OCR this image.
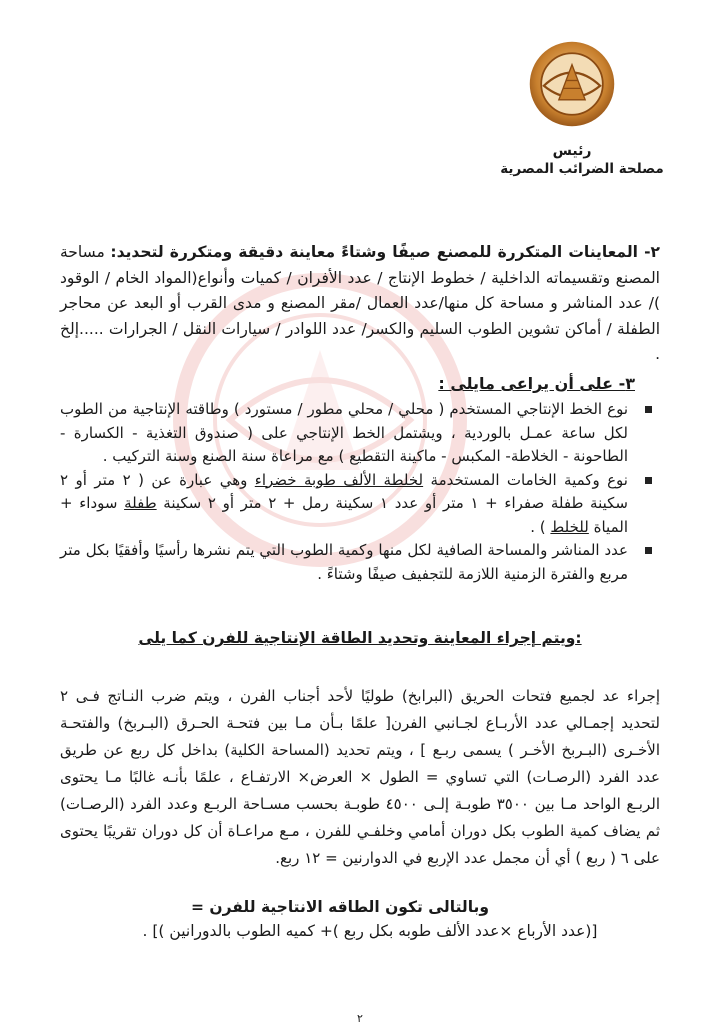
رئيس
مصلحة الضرائب المصرية
٢- المعاينات المتكررة للمصنع صيفًا وشتاءً معاينة دقيقة ومتكررة لتحديد: مساحة المصنع وتقسيماته الداخلية / خطوط الإنتاج / عدد الأفران / كميات وأنواع(المواد الخام / الوقود )/ عدد المناشر و مساحة كل منها/عدد العمال /مقر المصنع و مدى القرب أو البعد عن محاجر الطفلة / أماكن تشوين الطوب السليم والكسر/ عدد اللوادر / سيارات النقل / الجرارات .....إلخ .
٣- على أن يراعى مايلى :
نوع الخط الإنتاجي المستخدم ( محلي / محلي مطور / مستورد ) وطاقته الإنتاجية من الطوب لكل ساعة عمـل بالوردية ، ويشتمل الخط الإنتاجي على ( صندوق التغذية - الكسارة - الطاحونة - الخلاطة- المكبس - ماكينة التقطيع ) مع مراعاة سنة الصنع وسنة التركيب .
نوع وكمية الخامات المستخدمة لخلطة الألف طوبة خضراء وهي عبارة عن ( ٢ متر أو ٢ سكينة طفلة صفراء + ١ متر أو عدد ١ سكينة رمل + ٢ متر أو ٢ سكينة طفلة سوداء + المياة للخلط ) .
عدد المناشر والمساحة الصافية لكل منها وكمية الطوب التي يتم نشرها رأسيًا وأفقيًا بكل متر مربع والفترة الزمنية اللازمة للتجفيف صيفًا وشتاءً .
ويتم إجراء المعاينة وتحديد الطاقة الإنتاجية للفرن كما يلى:
إجراء عد لجميع فتحات الحريق (البرابخ) طوليًا لأحد أجناب الفرن ، ويتم ضرب النـاتج فـى ٢ لتحديد إجمـالي عدد الأربـاع لجـانبي الفرن[ علمًا بـأن مـا بين فتحـة الحـرق (البـربخ) والفتحـة الأخـرى (البـربخ الأخـر ) يسمى ربـع ] ، ويتم تحديد (المساحة الكلية) بداخل كل ربع عن طريق عدد الفرد (الرصـات) التي تساوي = الطول × العرض× الارتفـاع ، علمًا بأنـه غالبًا مـا يحتوى الربـع الواحد مـا بين ٣٥٠٠ طوبـة إلـى ٤٥٠٠ طوبـة بحسب مسـاحة الربـع وعدد الفرد (الرصـات) ثم يضاف كمية الطوب بكل دوران أمامي وخلفـي للفرن ، مـع مراعـاة أن كل دوران تقريبًا يحتوى على ٦ ( ربع ) أي أن مجمل عدد الإربع في الدوارنين = ١٢ ربع.
وبالتالى تكون الطاقه الانتاجية للفرن =
[(عدد الأرباع ×عدد الألف طوبه بكل ربع )+ كميه الطوب بالدورانين )] .
٢
